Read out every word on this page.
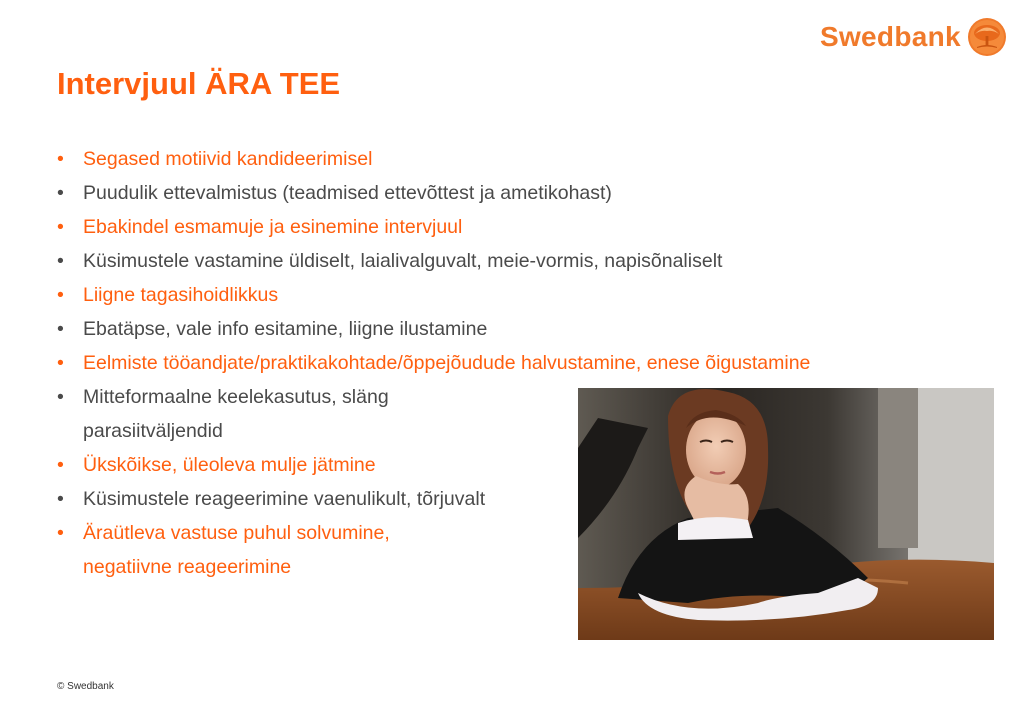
Swedbank
Intervjuul ÄRA TEE
• Segased motiivid kandideerimisel
• Puudulik ettevalmistus (teadmised ettevõttest ja ametikohast)
• Ebakindel esmamuje ja esinemine intervjuul
• Küsimustele vastamine üldiselt, laialivalguvalt, meie-vormis, napisõnaliselt
• Liigne tagasihoidlikkus
• Ebatäpse, vale info esitamine, liigne ilustamine
• Eelmiste tööandjate/praktikakohtade/õppejõudude halvustamine, enese õigustamine
• Mitteformaalne keelekasutus, släng
parasiitväljendid
• Ükskõikse, üleoleva mulje jätmine
• Küsimustele reageerimine vaenulikult, tõrjuvalt
• Äraütleva vastuse puhul solvumine,
negatiivne reageerimine
© Swedbank
